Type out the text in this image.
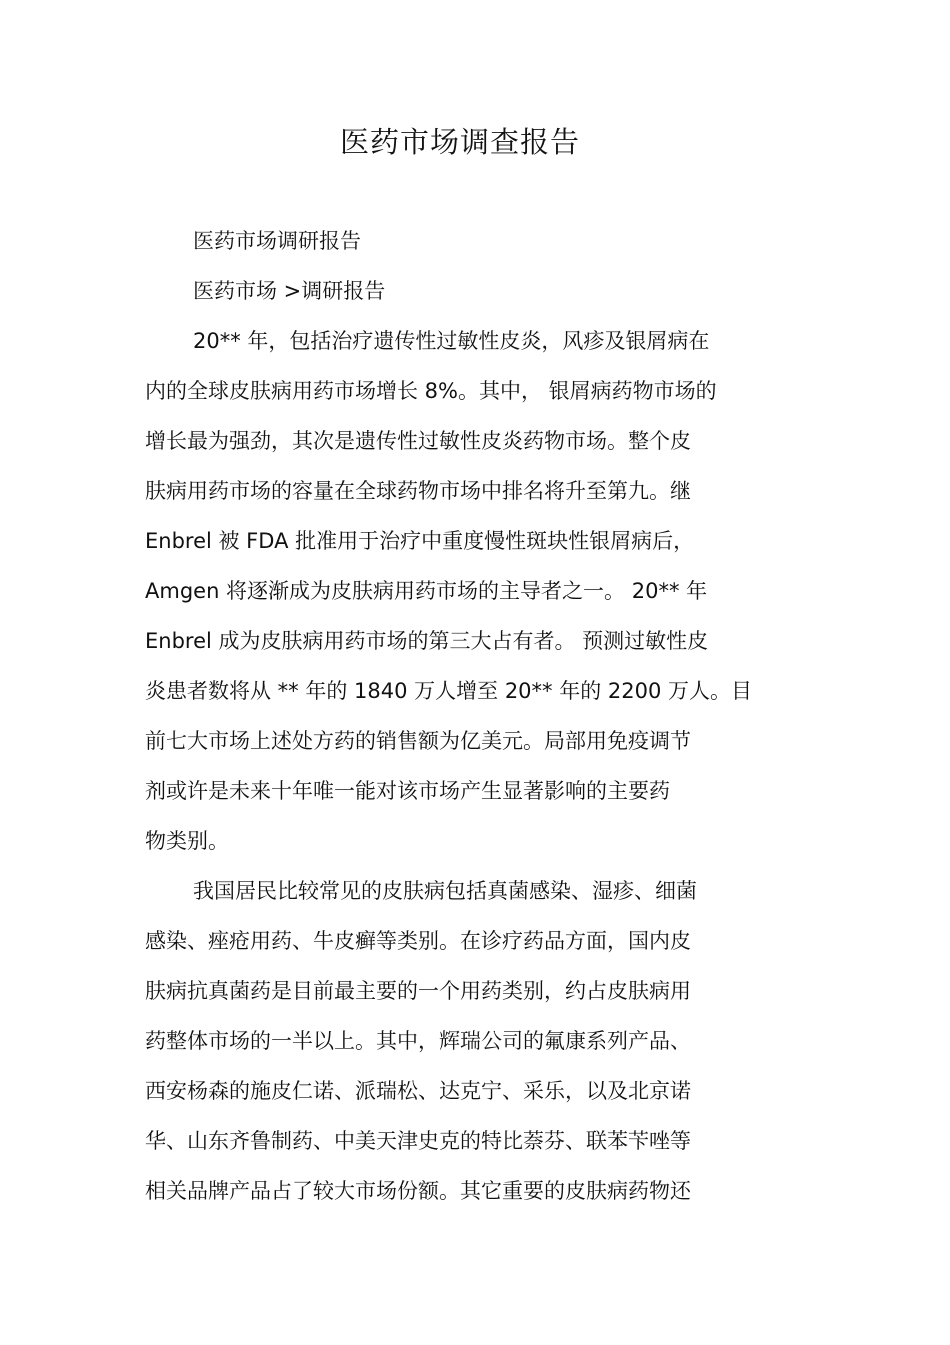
医药市场调查报告
医药市场调研报告
医药市场 >调研报告
20** 年，包括治疗遗传性过敏性皮炎，风疹及银屑病在
内的全球皮肤病用药市场增长 8%。其中， 银屑病药物市场的
增长最为强劲，其次是遗传性过敏性皮炎药物市场。整个皮
肤病用药市场的容量在全球药物市场中排名将升至第九。继
Enbrel 被 FDA 批准用于治疗中重度慢性斑块性银屑病后，
Amgen 将逐渐成为皮肤病用药市场的主导者之一。 20** 年
Enbrel 成为皮肤病用药市场的第三大占有者。 预测过敏性皮
炎患者数将从 ** 年的 1840 万人增至 20** 年的 2200 万人。目
前七大市场上述处方药的销售额为亿美元。局部用免疫调节
剂或许是未来十年唯一能对该市场产生显著影响的主要药
物类别。
我国居民比较常见的皮肤病包括真菌感染、湿疹、细菌
感染、痤疮用药、牛皮癣等类别。在诊疗药品方面，国内皮
肤病抗真菌药是目前最主要的一个用药类别，约占皮肤病用
药整体市场的一半以上。其中，辉瑞公司的氟康系列产品、
西安杨森的施皮仁诺、派瑞松、达克宁、采乐，以及北京诺
华、山东齐鲁制药、中美天津史克的特比萘芬、联苯苄唑等
相关品牌产品占了较大市场份额。其它重要的皮肤病药物还
